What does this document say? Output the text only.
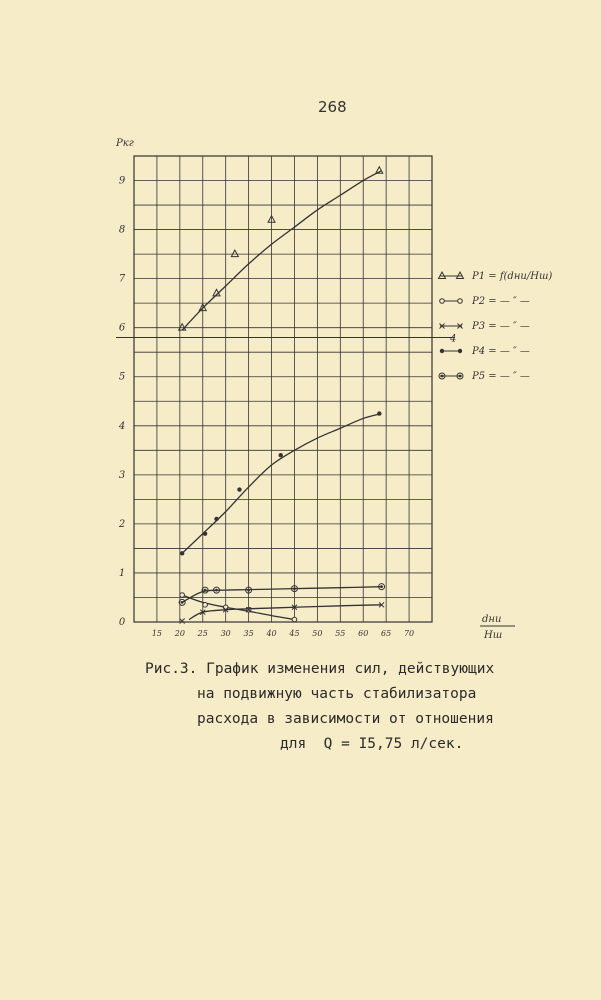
268
4
0
1
2
3
4
5
6
7
8
9
15 20 25 30 35 40 45 50 55 60 65 70
Pкг
dни
Hш
P1 = f(dни/Hш)
P2 = — ″ —
P3 = — ″ —
P4 = — ″ —
P5 = — ″ —
Рис.3. График изменения сил, действующих
на подвижную часть стабилизатора
расхода в зависимости от отношения
для  Q = I5,75 л/сек.
